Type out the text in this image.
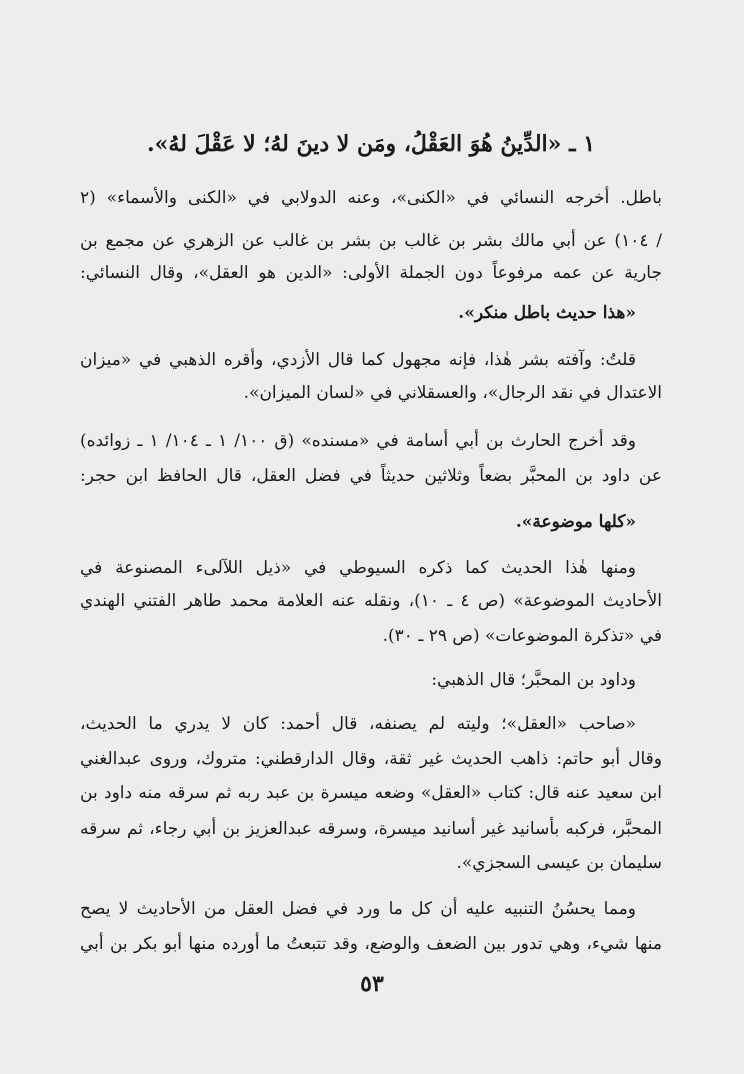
١ ـ «الدِّينُ هُوَ العَقْلُ، ومَن لا دينَ لهُ؛ لا عَقْلَ لهُ».

باطل. أخرجه النسائي في «الكنى»، وعنه الدولابي في «الكنى والأسماء» (٢

/ ١٠٤) عن أبي مالك بشر بن غالب بن بشر بن غالب عن الزهري عن مجمع بن

جارية عن عمه مرفوعاً دون الجملة الأولى: «الدين هو العقل»، وقال النسائي:

«هذا حديث باطل منكر».

قلتُ: وآفته بشر هٰذا، فإنه مجهول كما قال الأزدي، وأقره الذهبي في «ميزان

الاعتدال في نقد الرجال»، والعسقلاني في «لسان الميزان».

وقد أخرج الحارث بن أبي أسامة في «مسنده» (ق ١٠٠/ ١ ـ ١٠٤/ ١ ـ زوائده)

عن داود بن المحبَّر بضعاً وثلاثين حديثاً في فضل العقل، قال الحافظ ابن حجر:

«كلها موضوعة».

ومنها هٰذا الحديث كما ذكره السيوطي في «ذيل اللآلىء المصنوعة في

الأحاديث الموضوعة» (ص ٤ ـ ١٠)، ونقله عنه العلامة محمد طاهر الفتني الهندي

في «تذكرة الموضوعات» (ص ٢٩ ـ ٣٠).

وداود بن المحبَّر؛ قال الذهبي:

«صاحب «العقل»؛ وليته لم يصنفه، قال أحمد: كان لا يدري ما الحديث،

وقال أبو حاتم: ذاهب الحديث غير ثقة، وقال الدارقطني: متروك، وروى عبدالغني

ابن سعيد عنه قال: كتاب «العقل» وضعه ميسرة بن عبد ربه ثم سرقه منه داود بن

المحبَّر، فركبه بأسانيد غير أسانيد ميسرة، وسرقه عبدالعزيز بن أبي رجاء، ثم سرقه

سليمان بن عيسى السجزي».

ومما يحسُنُ التنبيه عليه أن كل ما ورد في فضل العقل من الأحاديث لا يصح

منها شيء، وهي تدور بين الضعف والوضع، وقد تتبعتُ ما أورده منها أبو بكر بن أبي

٥٣
